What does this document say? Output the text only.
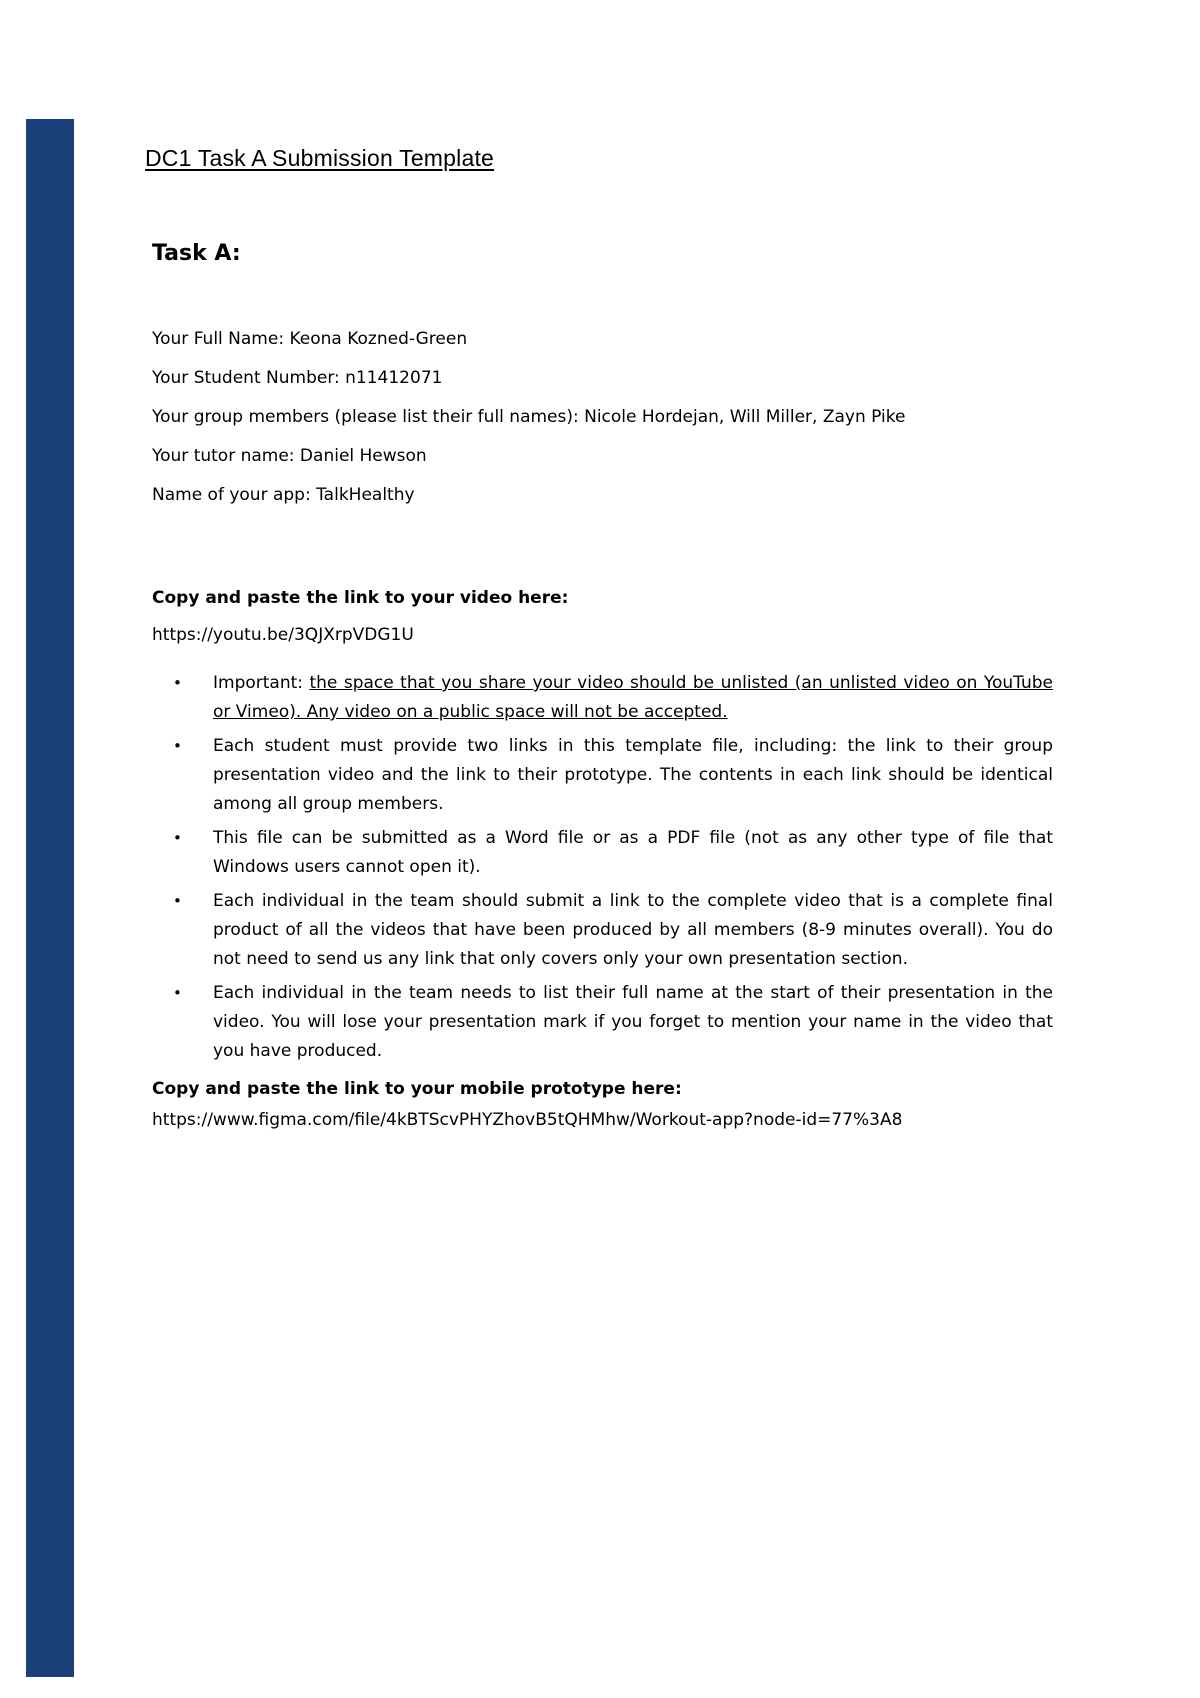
DC1 Task A Submission Template
Task A:
Your Full Name: Keona Kozned-Green
Your Student Number: n11412071
Your group members (please list their full names): Nicole Hordejan, Will Miller, Zayn Pike
Your tutor name: Daniel Hewson
Name of your app: TalkHealthy
Copy and paste the link to your video here:
https://youtu.be/3QJXrpVDG1U
•	Important: the space that you share your video should be unlisted (an unlisted video on YouTube or Vimeo). Any video on a public space will not be accepted.
•	Each student must provide two links in this template file, including: the link to their group presentation video and the link to their prototype. The contents in each link should be identical among all group members.
•	This file can be submitted as a Word file or as a PDF file (not as any other type of file that Windows users cannot open it).
•	Each individual in the team should submit a link to the complete video that is a complete final product of all the videos that have been produced by all members (8-9 minutes overall). You do not need to send us any link that only covers only your own presentation section.
•	Each individual in the team needs to list their full name at the start of their presentation in the video. You will lose your presentation mark if you forget to mention your name in the video that you have produced.
Copy and paste the link to your mobile prototype here:
https://www.figma.com/file/4kBTScvPHYZhovB5tQHMhw/Workout-app?node-id=77%3A8
